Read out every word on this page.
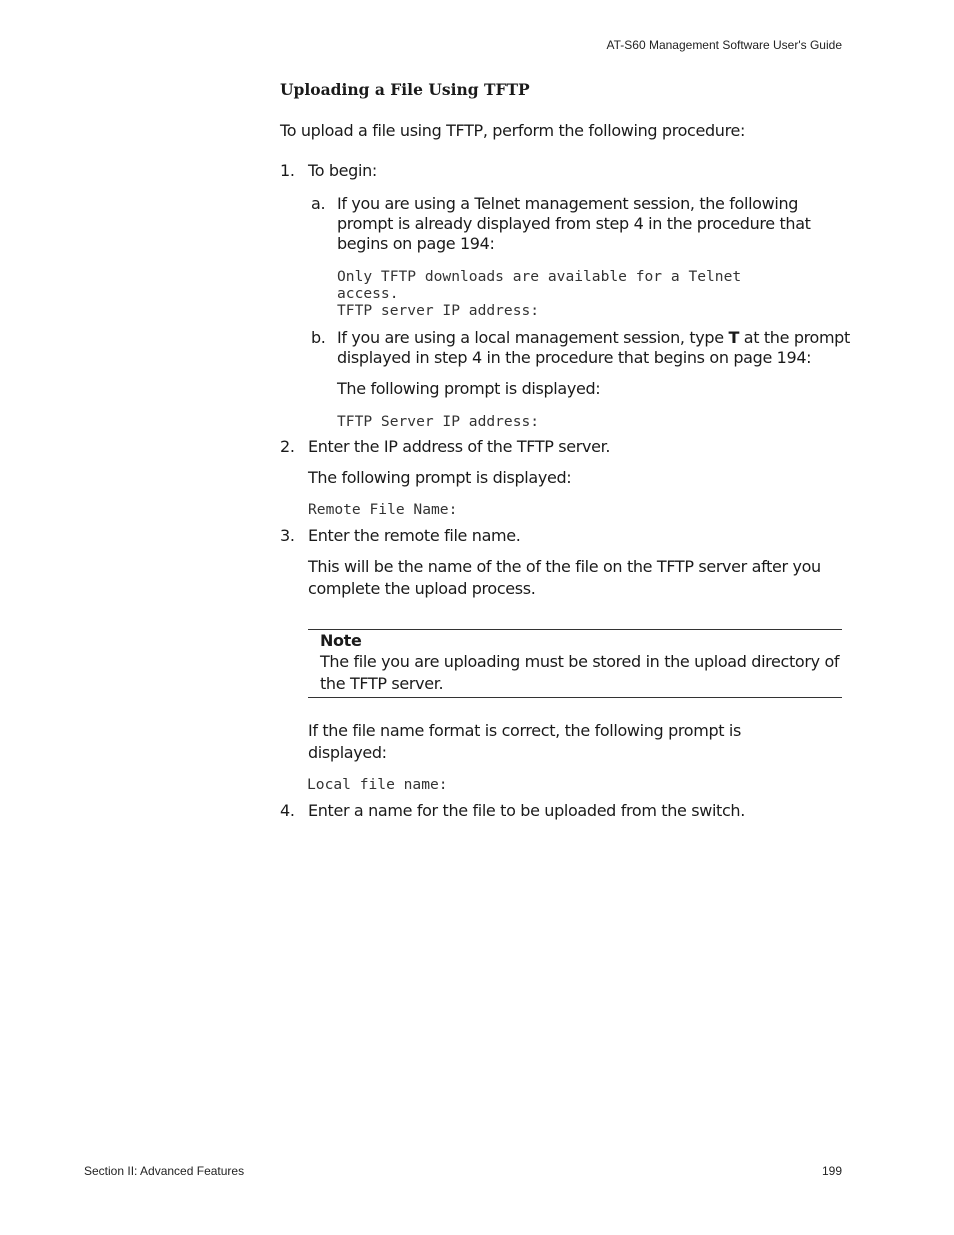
AT-S60 Management Software User's Guide
Uploading a File Using TFTP
To upload a file using TFTP, perform the following procedure:
1. To begin:
a. If you are using a Telnet management session, the following
prompt is already displayed from step 4 in the procedure that
begins on page 194:
Only TFTP downloads are available for a Telnet
access.
TFTP server IP address:
b. If you are using a local management session, type T at the prompt
displayed in step 4 in the procedure that begins on page 194:
The following prompt is displayed:
TFTP Server IP address:
2. Enter the IP address of the TFTP server.
The following prompt is displayed:
Remote File Name:
3. Enter the remote file name.
This will be the name of the of the file on the TFTP server after you
complete the upload process.
Note
The file you are uploading must be stored in the upload directory of
the TFTP server.
If the file name format is correct, the following prompt is
displayed:
Local file name:
4. Enter a name for the file to be uploaded from the switch.
Section II: Advanced Features	199
